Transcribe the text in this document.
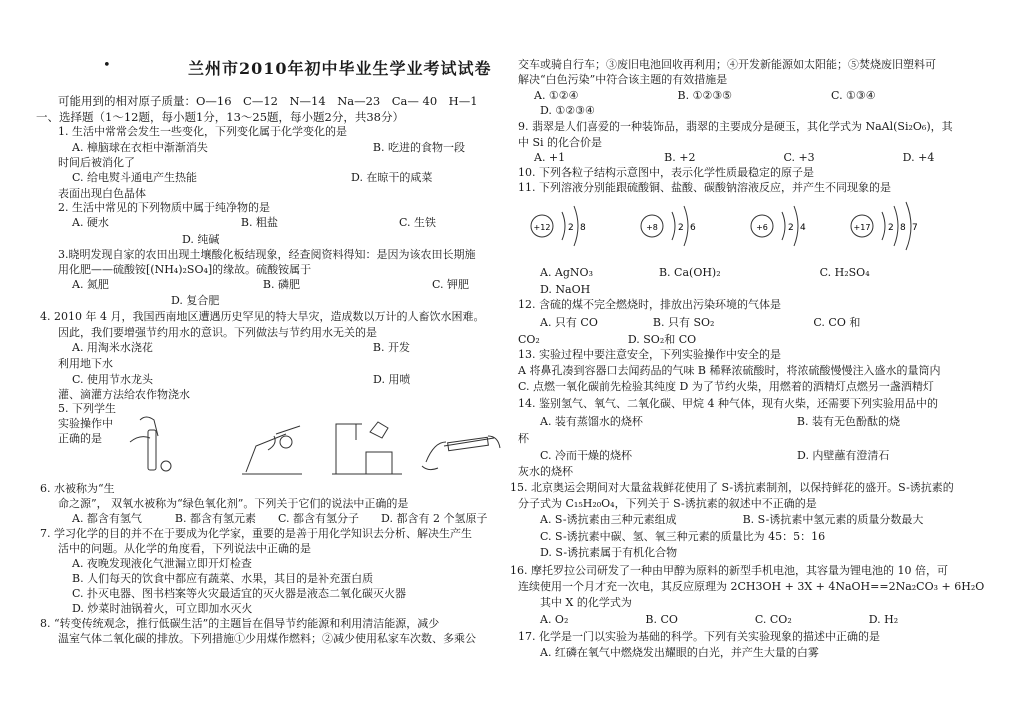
•	兰州市2010年初中毕业生学业考试试卷
可能用到的相对原子质量：O—16　C—12　N—14　Na—23　Ca— 40　H—1
一、选择题（1～12题，每小题1分，13～25题，每小题2分，共38分）
1. 生活中常常会发生一些变化，下列变化属于化学变化的是
A. 樟脑球在衣柜中渐渐消失　　　　　　　　　　　　　　　B. 吃进的食物一段
时间后被消化了
C. 给电熨斗通电产生热能　　　　　　　　　　　　　　D. 在晾干的咸菜
表面出现白色晶体
2. 生活中常见的下列物质中属于纯净物的是
A. 硬水　　　　　　　　　　　　B. 粗盐　　　　　　　　　　　C. 生铁
　　　　　　　　　　D. 纯碱
3.晓明发现自家的农田出现土壤酸化板结现象，经查阅资料得知：是因为该农田长期施
用化肥——硫酸铵[(NH₄)₂SO₄]的缘故。硫酸铵属于
A. 氮肥　　　　　　　　　　　　　　B. 磷肥　　　　　　　　　　　　C. 钾肥
　　　　　　　　　D. 复合肥
4. 2010 年 4 月，我国西南地区遭遇历史罕见的特大旱灾，造成数以万计的人畜饮水困难。
因此，我们要增强节约用水的意识。下列做法与节约用水无关的是
A. 用淘米水浇花　　　　　　　　　　　　　　　　　　　　B. 开发
利用地下水
C. 使用节水龙头　　　　　　　　　　　　　　　　　　　　D. 用喷
灌、滴灌方法给农作物浇水
5. 下列学生
实验操作中
正确的是
6. 水被称为“生
命之源”， 双氧水被称为“绿色氧化剂”。下列关于它们的说法中正确的是
A. 都含有氢气　　　B. 都含有氢元素　　C. 都含有氢分子　　D. 都含有 2 个氢原子
7. 学习化学的目的并不在于要成为化学家，重要的是善于用化学知识去分析、解决生产生
活中的问题。从化学的角度看，下列说法中正确的是
A. 夜晚发现液化气泄漏立即开灯检查
B. 人们每天的饮食中都应有蔬菜、水果，其目的是补充蛋白质
C. 扑灭电器、图书档案等火灾最适宜的灭火器是液态二氧化碳灭火器
D. 炒菜时油锅着火，可立即加水灭火
8. “转变传统观念，推行低碳生活”的主题旨在倡导节约能源和利用清洁能源，减少
温室气体二氧化碳的排放。下列措施①少用煤作燃料；②减少使用私家车次数、多乘公
交车或骑自行车；③废旧电池回收再利用；④开发新能源如太阳能；⑤焚烧废旧塑料可
解决“白色污染”中符合该主题的有效措施是
A. ①②④　　　　　　　　　B. ①②③⑤　　　　　　　　　C. ①③④
D. ①②③④
9. 翡翠是人们喜爱的一种装饰品，翡翠的主要成分是硬玉，其化学式为 NaAl(Si₂O₆)，其
中 Si 的化合价是
A. +1　　　　　　　　　B. +2　　　　　　　　C. +3　　　　　　　　D. +4
10. 下列各粒子结构示意图中，表示化学性质最稳定的原子是
11. 下列溶液分别能跟硫酸铜、盐酸、碳酸钠溶液反应，并产生不同现象的是
+12 2 8	+8 2 6	+6 2 4	+17 2 8 7
A. AgNO₃　　　　　　B. Ca(OH)₂　　　　　　　　　C. H₂SO₄
D. NaOH
12. 含硫的煤不完全燃烧时，排放出污染环境的气体是
A. 只有 CO　　　　　B. 只有 SO₂　　　　　　　　　C. CO 和
CO₂　　　　　　　　D. SO₂和 CO
13. 实验过程中要注意安全，下列实验操作中安全的是
A 将鼻孔凑到容器口去闻药品的气味 B 稀释浓硫酸时，将浓硫酸慢慢注入盛水的量筒内
C. 点燃一氧化碳前先检验其纯度 D 为了节约火柴，用燃着的酒精灯点燃另一盏酒精灯
14. 鉴别氢气、氧气、二氧化碳、甲烷 4 种气体，现有火柴，还需要下列实验用品中的
A. 装有蒸馏水的烧杯　　　　　　　　　　　　　　B. 装有无色酚酞的烧
杯
C. 冷而干燥的烧杯　　　　　　　　　　　　　　　D. 内壁蘸有澄清石
灰水的烧杯
15. 北京奥运会期间对大量盆栽鲜花使用了 S-诱抗素制剂，以保持鲜花的盛开。S-诱抗素的
分子式为 C₁₅H₂₀O₄，下列关于 S-诱抗素的叙述中不正确的是
A. S-诱抗素由三种元素组成　　　　　　B. S-诱抗素中氢元素的质量分数最大
C. S-诱抗素中碳、氢、氧三种元素的质量比为 45：5：16
D. S-诱抗素属于有机化合物
16. 摩托罗拉公司研发了一种由甲醇为原料的新型手机电池，其容量为锂电池的 10 倍，可
连续使用一个月才充一次电，其反应原理为 2CH3OH + 3X + 4NaOH==2Na₂CO₃ + 6H₂O
　　其中 X 的化学式为
A. O₂　　　　　　　B. CO　　　　　　　C. CO₂　　　　　　　D. H₂
17. 化学是一门以实验为基础的科学。下列有关实验现象的描述中正确的是
A. 红磷在氧气中燃烧发出耀眼的白光，并产生大量的白雾
